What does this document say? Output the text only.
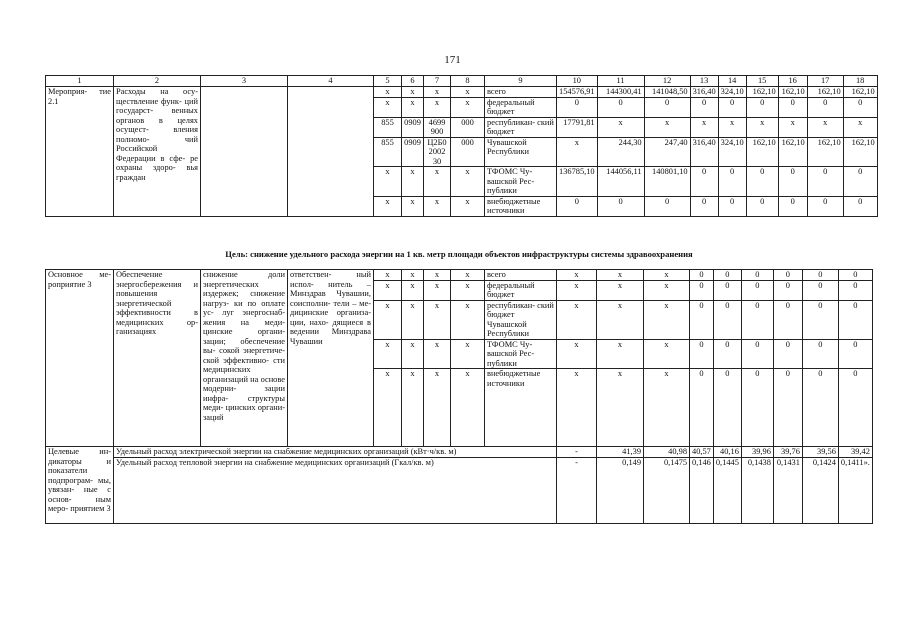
171
1	2	3	4	5	6	7	8	9	10	11	12	13	14	15	16	17	18
Мероприя- тие 2.1	Расходы на осу- ществление функ- ций государст- венных органов в целях осущест- вления полномо- чий Российской Федерации в сфе- ре охраны здоро- вья граждан			x	x	x	x	всего	154576,91	144300,41	141048,50	316,40	324,10	162,10	162,10	162,10	162,10
				x	x	x	x	федеральный бюджет	0	0	0	0	0	0	0	0	0
				855	0909	4699 900	000	республикан- ский бюджет	17791,81	x	x	x	x	x	x	x	x
				855	0909	Ц2Б0 2002 30	000	Чувашской Республики	x	244,30	247,40	316,40	324,10	162,10	162,10	162,10	162,10
				x	x	x	x	ТФОМС Чу- вашской Рес- публики	136785,10	144056,11	140801,10	0	0	0	0	0	0
				x	x	x	x	внебюджетные источники	0	0	0	0	0	0	0	0	0
Цель: снижение удельного расхода энергии на 1 кв. метр площади объектов инфраструктуры системы здравоохранения
Основное ме- роприятие 3	Обеспечение энергосбережения и повышения энергетической эффективности в медицинских ор- ганизациях	снижение доли энергетических издержек; снижение нагруз- ки по оплате ус- луг энергоснаб- жения на меди- цинские органи- зации; обеспечение вы- сокой энергетиче- ской эффективно- сти медицинских организаций на основе модерни- зации инфра- структуры меди- цинских органи- заций	ответствен- ный испол- нитель – Минздрав Чувашии, соисполни- тели – ме- дицинские организа- ции, нахо- дящиеся в ведении Минздрава Чувашии	x	x	x	x	всего	x	x	x	0	0	0	0	0	0
				x	x	x	x	федеральный бюджет	x	x	x	0	0	0	0	0	0
				x	x	x	x	республикан- ский бюджет Чувашской Республики	x	x	x	0	0	0	0	0	0
				x	x	x	x	ТФОМС Чу- вашской Рес- публики	x	x	x	0	0	0	0	0	0
				x	x	x	x	внебюджетные источники	x	x	x	0	0	0	0	0	0
Целевые ин- дикаторы и показатели подпрограм- мы, увязан- ные с основ- ным меро- приятием 3	Удельный расход электрической энергии на снабжение медицинских организаций (кВт·ч/кв. м)								-	41,39	40,98	40,57	40,16	39,96	39,76	39,56	39,42
	Удельный расход тепловой энергии на снабжение медицинских организаций (Гкал/кв. м)								-	0,149	0,1475	0,146	0,1445	0,1438	0,1431	0,1424	0,1411».
